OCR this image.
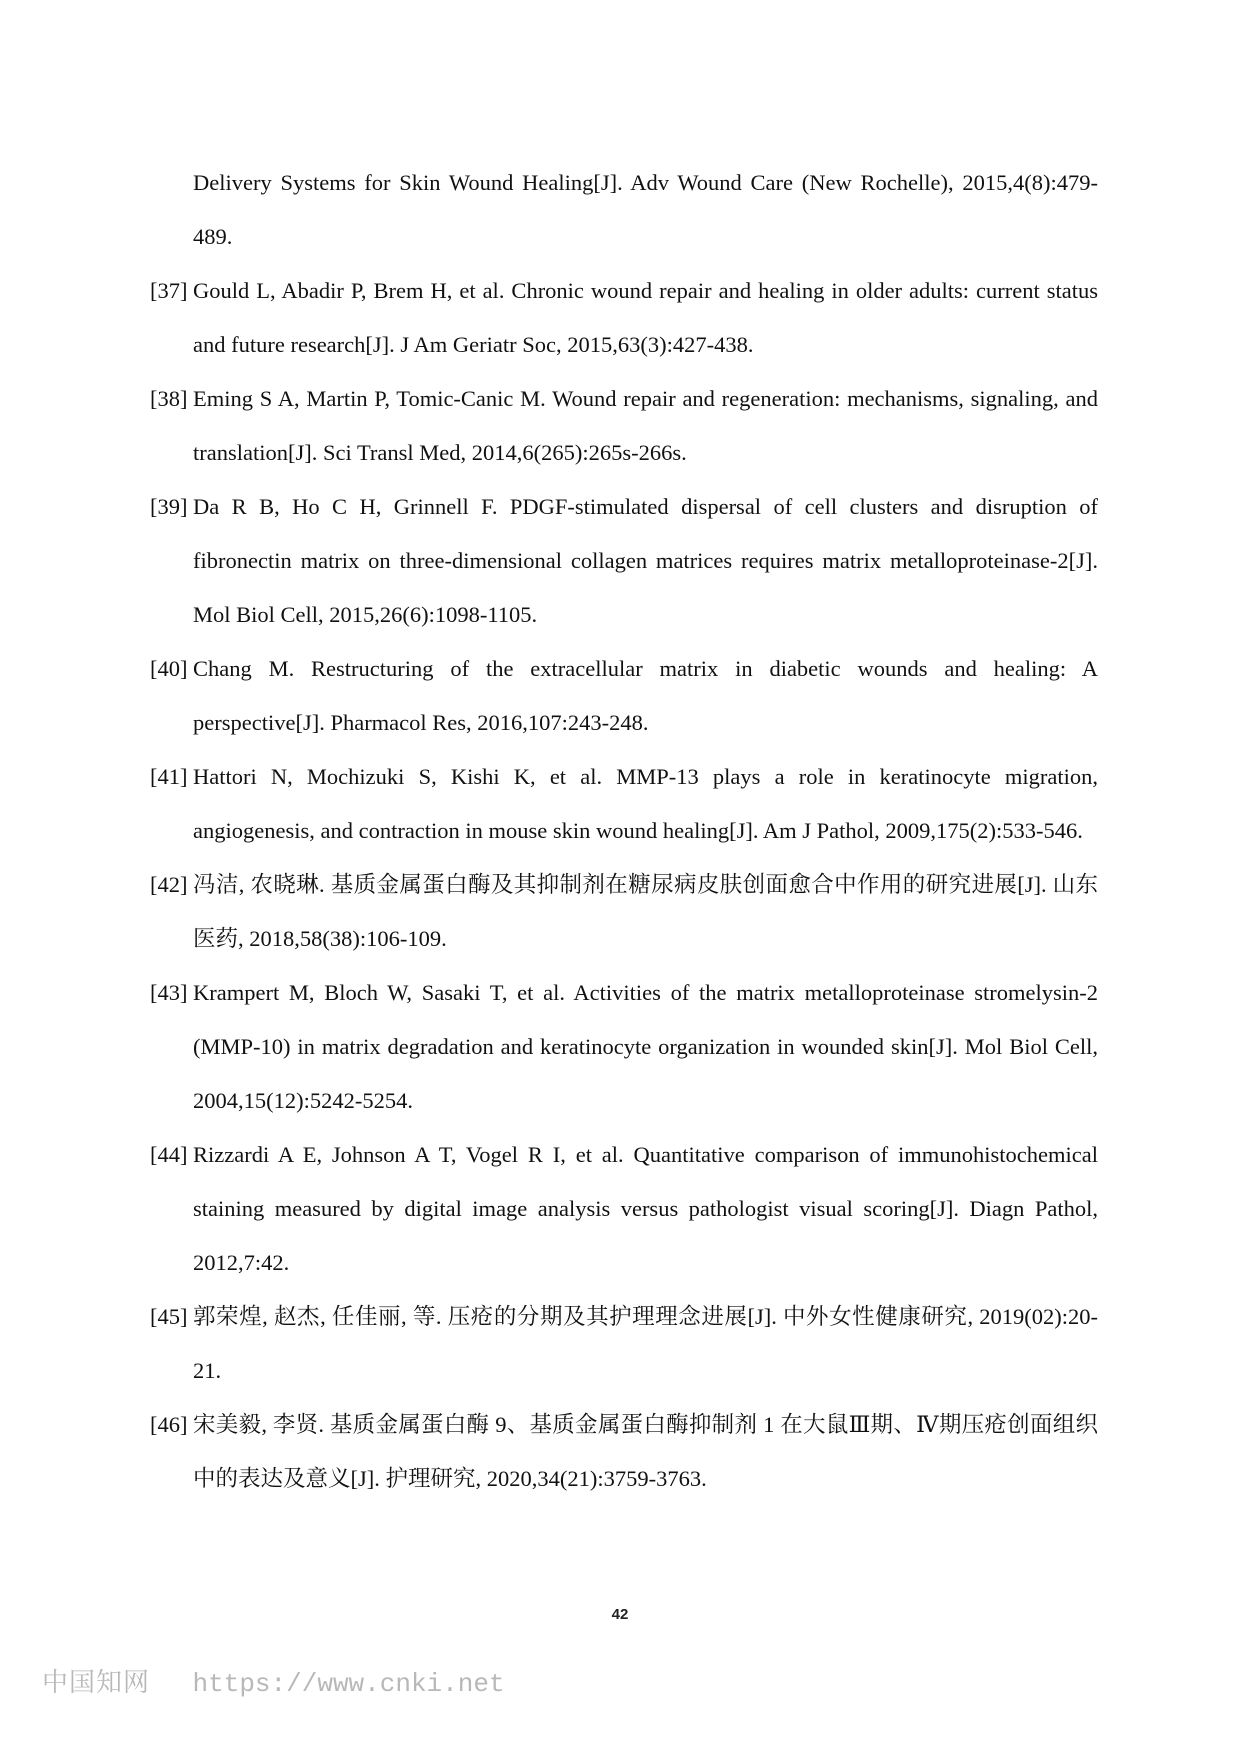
Delivery Systems for Skin Wound Healing[J]. Adv Wound Care (New Rochelle), 2015,4(8):479-489.
[37] Gould L, Abadir P, Brem H, et al. Chronic wound repair and healing in older adults: current status and future research[J]. J Am Geriatr Soc, 2015,63(3):427-438.
[38] Eming S A, Martin P, Tomic-Canic M. Wound repair and regeneration: mechanisms, signaling, and translation[J]. Sci Transl Med, 2014,6(265):265s-266s.
[39] Da R B, Ho C H, Grinnell F. PDGF-stimulated dispersal of cell clusters and disruption of fibronectin matrix on three-dimensional collagen matrices requires matrix metalloproteinase-2[J]. Mol Biol Cell, 2015,26(6):1098-1105.
[40] Chang M. Restructuring of the extracellular matrix in diabetic wounds and healing: A perspective[J]. Pharmacol Res, 2016,107:243-248.
[41] Hattori N, Mochizuki S, Kishi K, et al. MMP-13 plays a role in keratinocyte migration, angiogenesis, and contraction in mouse skin wound healing[J]. Am J Pathol, 2009,175(2):533-546.
[42] 冯洁, 农晓琳. 基质金属蛋白酶及其抑制剂在糖尿病皮肤创面愈合中作用的研究进展[J]. 山东医药, 2018,58(38):106-109.
[43] Krampert M, Bloch W, Sasaki T, et al. Activities of the matrix metalloproteinase stromelysin-2 (MMP-10) in matrix degradation and keratinocyte organization in wounded skin[J]. Mol Biol Cell, 2004,15(12):5242-5254.
[44] Rizzardi A E, Johnson A T, Vogel R I, et al. Quantitative comparison of immunohistochemical staining measured by digital image analysis versus pathologist visual scoring[J]. Diagn Pathol, 2012,7:42.
[45] 郭荣煌, 赵杰, 任佳丽, 等. 压疮的分期及其护理理念进展[J]. 中外女性健康研究, 2019(02):20-21.
[46] 宋美毅, 李贤. 基质金属蛋白酶 9、基质金属蛋白酶抑制剂 1 在大鼠Ⅲ期、Ⅳ期压疮创面组织中的表达及意义[J]. 护理研究, 2020,34(21):3759-3763.
42
中国知网 https://www.cnki.net
